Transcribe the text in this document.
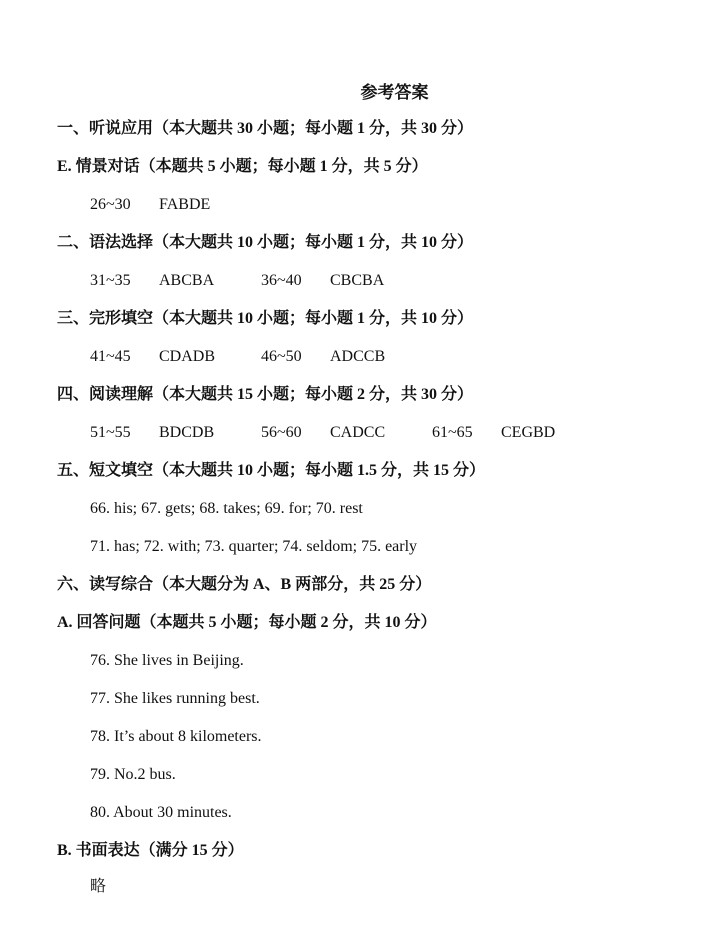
参考答案
一、听说应用（本大题共 30 小题；每小题 1 分，共 30 分）
E. 情景对话（本题共 5 小题；每小题 1 分，共 5 分）
26~30 FABDE
二、语法选择（本大题共 10 小题；每小题 1 分，共 10 分）
31~35 ABCBA	36~40 CBCBA
三、完形填空（本大题共 10 小题；每小题 1 分，共 10 分）
41~45 CDADB	46~50 ADCCB
四、阅读理解（本大题共 15 小题；每小题 2 分，共 30 分）
51~55 BDCDB	56~60 CADCC	61~65 CEGBD
五、短文填空（本大题共 10 小题；每小题 1.5 分，共 15 分）
66. his; 67. gets; 68. takes; 69. for; 70. rest
71. has; 72. with; 73. quarter; 74. seldom; 75. early
六、读写综合（本大题分为 A、B 两部分，共 25 分）
A. 回答问题（本题共 5 小题；每小题 2 分，共 10 分）
76. She lives in Beijing.
77. She likes running best.
78. It’s about 8 kilometers.
79. No.2 bus.
80. About 30 minutes.
B. 书面表达（满分 15 分）
略
